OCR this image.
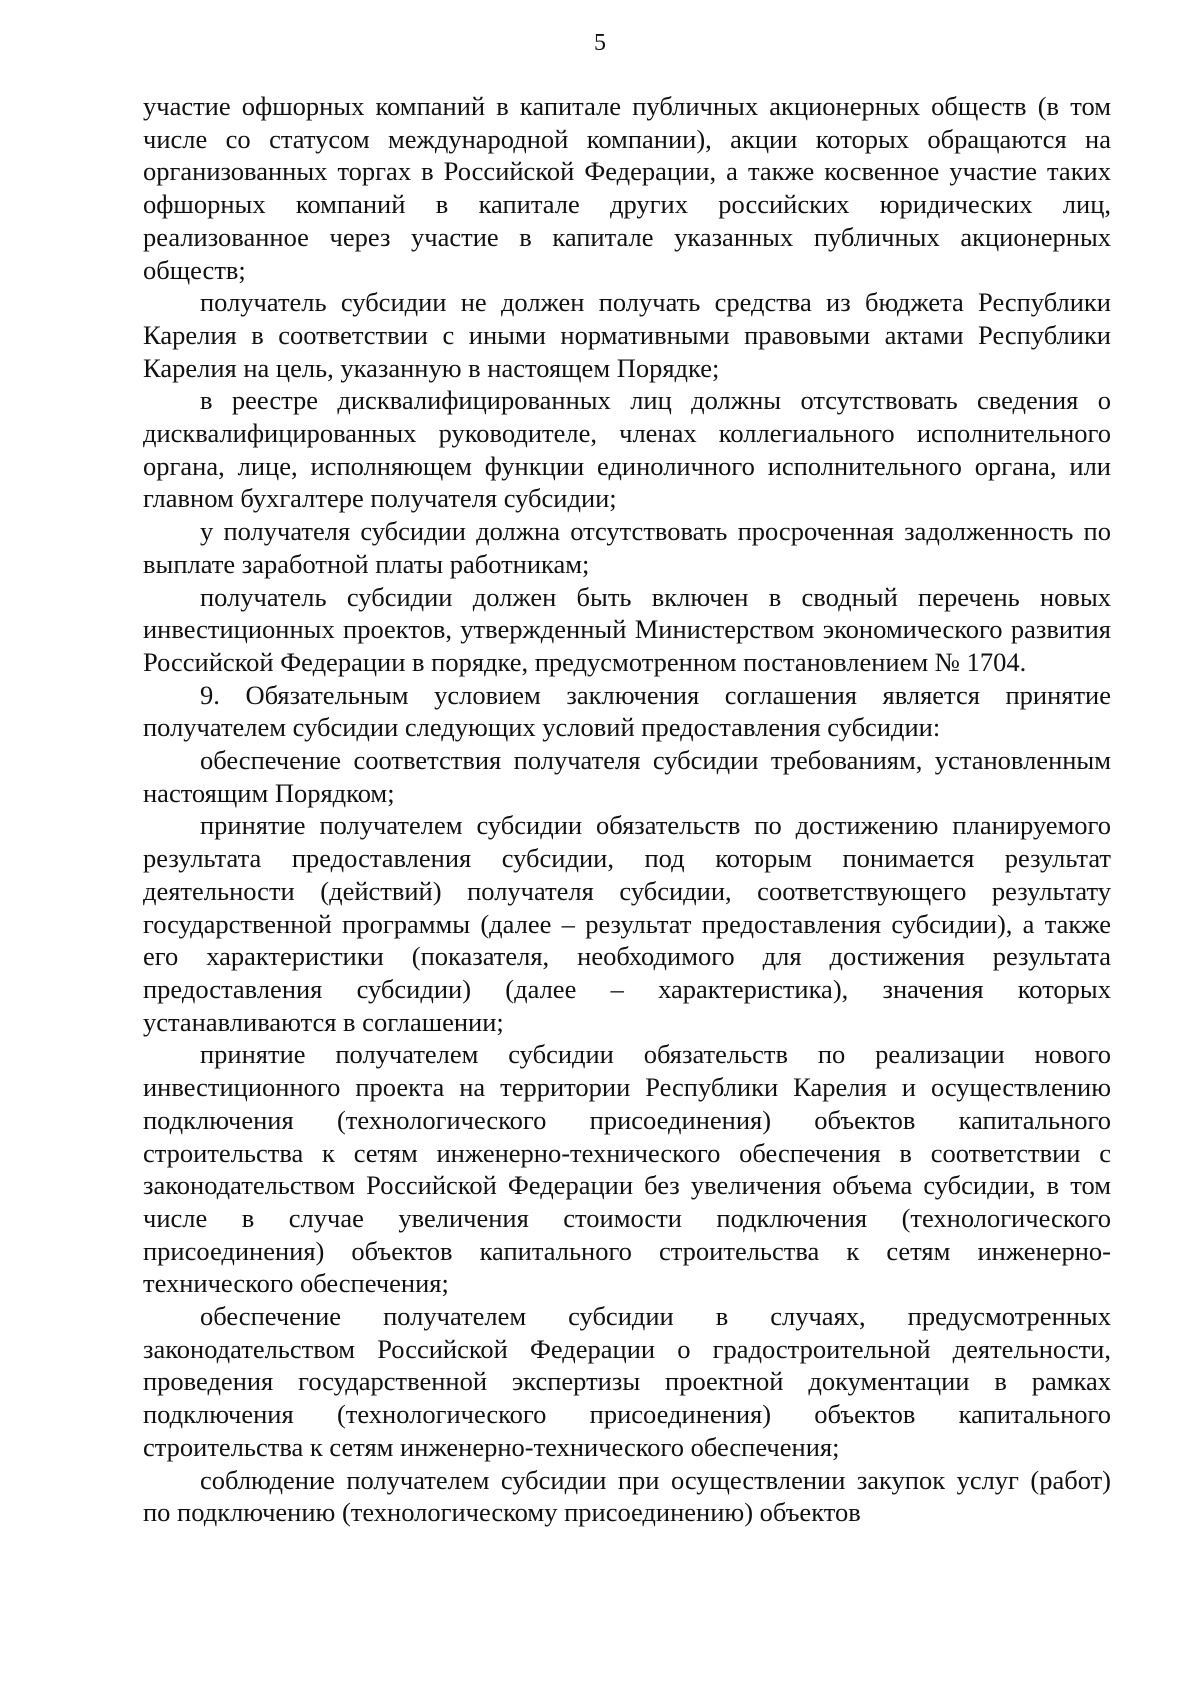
5

участие офшорных компаний в капитале публичных акционерных обществ (в том числе со статусом международной компании), акции которых обращаются на организованных торгах в Российской Федерации, а также косвенное участие таких офшорных компаний в капитале других российских юридических лиц, реализованное через участие в капитале указанных публичных акционерных обществ;

получатель субсидии не должен получать средства из бюджета Республики Карелия в соответствии с иными нормативными правовыми актами Республики Карелия на цель, указанную в настоящем Порядке;

в реестре дисквалифицированных лиц должны отсутствовать сведения о дисквалифицированных руководителе, членах коллегиального исполнительного органа, лице, исполняющем функции единоличного исполнительного органа, или главном бухгалтере получателя субсидии;

у получателя субсидии должна отсутствовать просроченная задолженность по выплате заработной платы работникам;

получатель субсидии должен быть включен в сводный перечень новых инвестиционных проектов, утвержденный Министерством экономического развития Российской Федерации в порядке, предусмотренном постановлением № 1704.

9. Обязательным условием заключения соглашения является принятие получателем субсидии следующих условий предоставления субсидии:

обеспечение соответствия получателя субсидии требованиям, установленным настоящим Порядком;

принятие получателем субсидии обязательств по достижению планируемого результата предоставления субсидии, под которым понимается результат деятельности (действий) получателя субсидии, соответствующего результату государственной программы (далее – результат предоставления субсидии), а также его характеристики (показателя, необходимого для достижения результата предоставления субсидии) (далее – характеристика), значения которых устанавливаются в соглашении;

принятие получателем субсидии обязательств по реализации нового инвестиционного проекта на территории Республики Карелия и осуществлению подключения (технологического присоединения) объектов капитального строительства к сетям инженерно-технического обеспечения в соответствии с законодательством Российской Федерации без увеличения объема субсидии, в том числе в случае увеличения стоимости подключения (технологического присоединения) объектов капитального строительства к сетям инженерно-технического обеспечения;

обеспечение получателем субсидии в случаях, предусмотренных законодательством Российской Федерации о градостроительной деятельности, проведения государственной экспертизы проектной документации в рамках подключения (технологического присоединения) объектов капитального строительства к сетям инженерно-технического обеспечения;

соблюдение получателем субсидии при осуществлении закупок услуг (работ) по подключению (технологическому присоединению) объектов
